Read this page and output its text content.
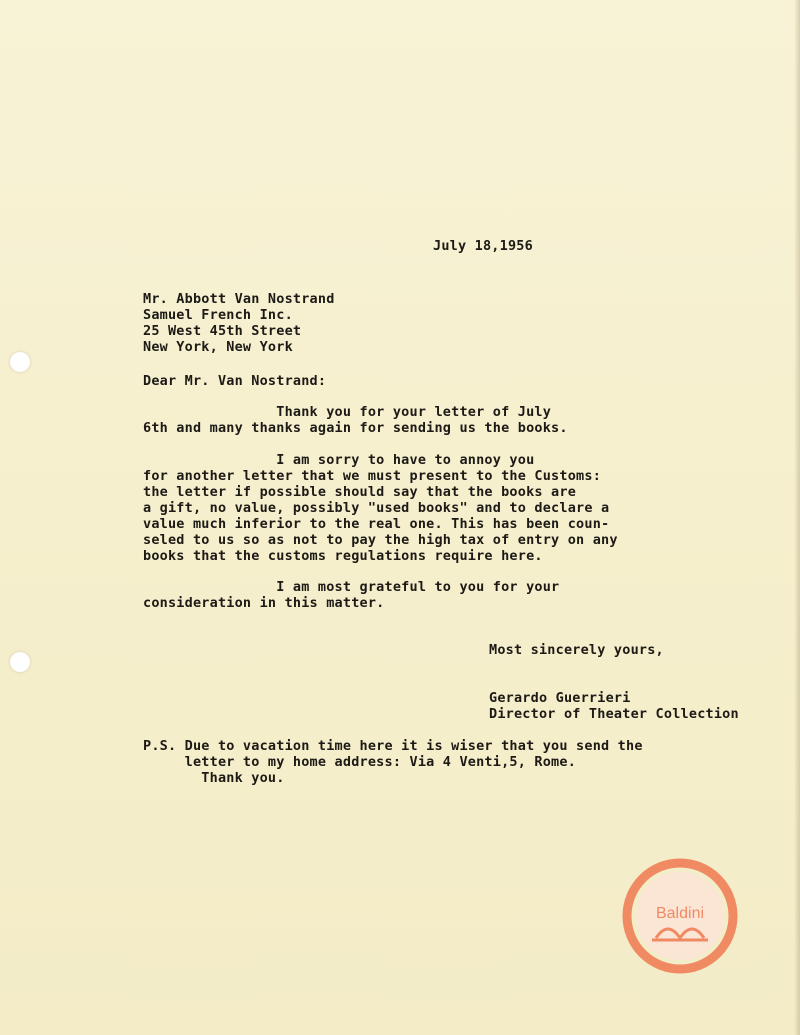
July 18,1956

Mr. Abbott Van Nostrand
Samuel French Inc.
25 West 45th Street
New York, New York

Dear Mr. Van Nostrand:

Thank you for your letter of July
6th and many thanks again for sending us the books.

I am sorry to have to annoy you
for another letter that we must present to the Customs:
the letter if possible should say that the books are
a gift, no value, possibly "used books" and to declare a
value much inferior to the real one. This has been coun-
seled to us so as not to pay the high tax of entry on any
books that the customs regulations require here.

I am most grateful to you for your
consideration in this matter.

Most sincerely yours,

Gerardo Guerrieri
Director of Theater Collection

P.S. Due to vacation time here it is wiser that you send the
letter to my home address: Via 4 Venti,5, Rome.
Thank you.

Baldini
